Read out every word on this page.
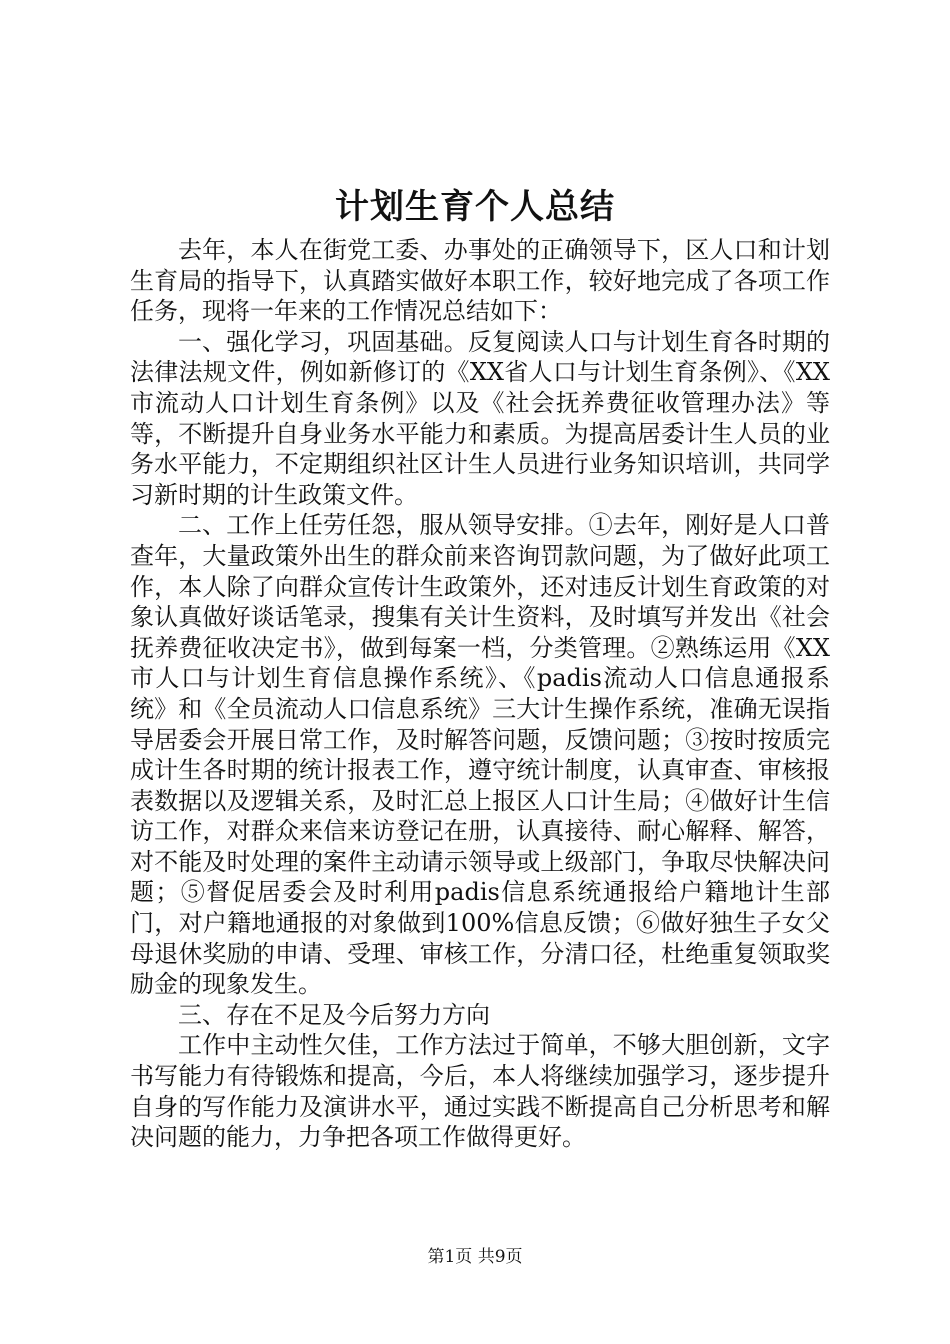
计划生育个人总结

去年，本人在街党工委、办事处的正确领导下，区人口和计划生育局的指导下，认真踏实做好本职工作，较好地完成了各项工作任务，现将一年来的工作情况总结如下：

一、强化学习，巩固基础。反复阅读人口与计划生育各时期的法律法规文件，例如新修订的《XX省人口与计划生育条例》、《XX市流动人口计划生育条例》以及《社会抚养费征收管理办法》等等，不断提升自身业务水平能力和素质。为提高居委计生人员的业务水平能力，不定期组织社区计生人员进行业务知识培训，共同学习新时期的计生政策文件。

二、工作上任劳任怨，服从领导安排。①去年，刚好是人口普查年，大量政策外出生的群众前来咨询罚款问题，为了做好此项工作，本人除了向群众宣传计生政策外，还对违反计划生育政策的对象认真做好谈话笔录，搜集有关计生资料，及时填写并发出《社会抚养费征收决定书》，做到每案一档，分类管理。②熟练运用《XX市人口与计划生育信息操作系统》、《padis流动人口信息通报系统》和《全员流动人口信息系统》三大计生操作系统，准确无误指导居委会开展日常工作，及时解答问题，反馈问题；③按时按质完成计生各时期的统计报表工作，遵守统计制度，认真审查、审核报表数据以及逻辑关系，及时汇总上报区人口计生局；④做好计生信访工作，对群众来信来访登记在册，认真接待、耐心解释、解答，对不能及时处理的案件主动请示领导或上级部门，争取尽快解决问题；⑤督促居委会及时利用padis信息系统通报给户籍地计生部门，对户籍地通报的对象做到100%信息反馈；⑥做好独生子女父母退休奖励的申请、受理、审核工作，分清口径，杜绝重复领取奖励金的现象发生。

三、存在不足及今后努力方向

工作中主动性欠佳，工作方法过于简单，不够大胆创新，文字书写能力有待锻炼和提高，今后，本人将继续加强学习，逐步提升自身的写作能力及演讲水平，通过实践不断提高自己分析思考和解决问题的能力，力争把各项工作做得更好。

第1页 共9页
